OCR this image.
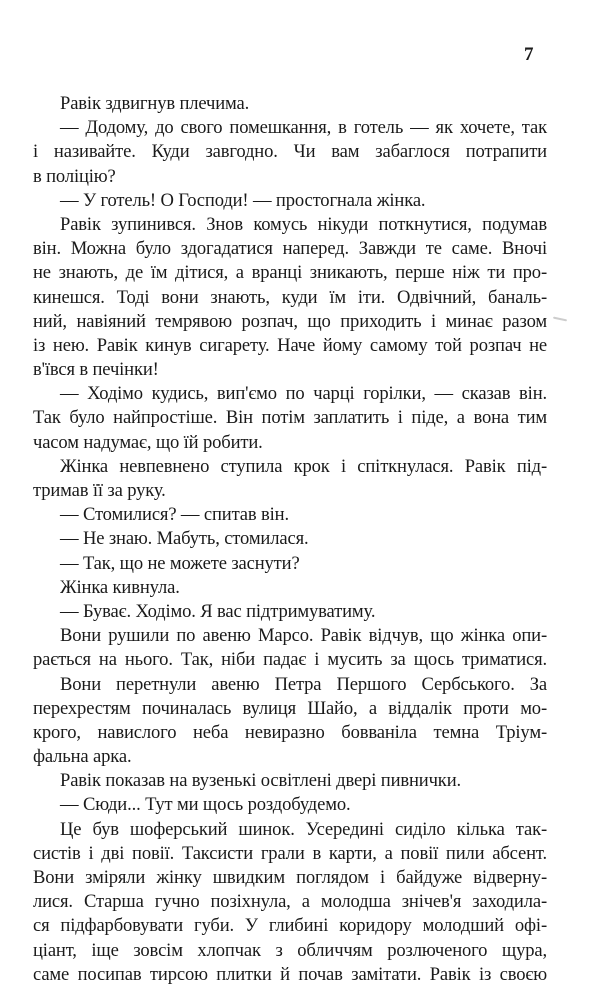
7
Равік здвигнув плечима.
— Додому, до свого помешкання, в готель — як хочете, так
і називайте. Куди завгодно. Чи вам забаглося потрапити
в поліцію?
— У готель! О Господи! — простогнала жінка.
Равік зупинився. Знов комусь нікуди поткнутися, подумав
він. Можна було здогадатися наперед. Завжди те саме. Вночі
не знають, де їм дітися, а вранці зникають, перше ніж ти про-
кинешся. Тоді вони знають, куди їм іти. Одвічний, баналь-
ний, навіяний темрявою розпач, що приходить і минає разом
із нею. Равік кинув сигарету. Наче йому самому той розпач не
в'ївся в печінки!
— Ходімо кудись, вип'ємо по чарці горілки, — сказав він.
Так було найпростіше. Він потім заплатить і піде, а вона тим
часом надумає, що їй робити.
Жінка невпевнено ступила крок і спіткнулася. Равік під-
тримав її за руку.
— Стомилися? — спитав він.
— Не знаю. Мабуть, стомилася.
— Так, що не можете заснути?
Жінка кивнула.
— Буває. Ходімо. Я вас підтримуватиму.
Вони рушили по авеню Марсо. Равік відчув, що жінка опи-
рається на нього. Так, ніби падає і мусить за щось триматися.
Вони перетнули авеню Петра Першого Сербського. За
перехрестям починалась вулиця Шайо, а віддалік проти мо-
крого, навислого неба невиразно бовваніла темна Тріум-
фальна арка.
Равік показав на вузенькі освітлені двері пивнички.
— Сюди... Тут ми щось роздобудемо.
Це був шоферський шинок. Усередині сиділо кілька так-
систів і дві повії. Таксисти грали в карти, а повії пили абсент.
Вони зміряли жінку швидким поглядом і байдуже відверну-
лися. Старша гучно позіхнула, а молодша знічев'я заходила-
ся підфарбовувати губи. У глибині коридору молодший офі-
ціант, іще зовсім хлопчак з обличчям розлюченого щура,
саме посипав тирсою плитки й почав замітати. Равік із своєю
